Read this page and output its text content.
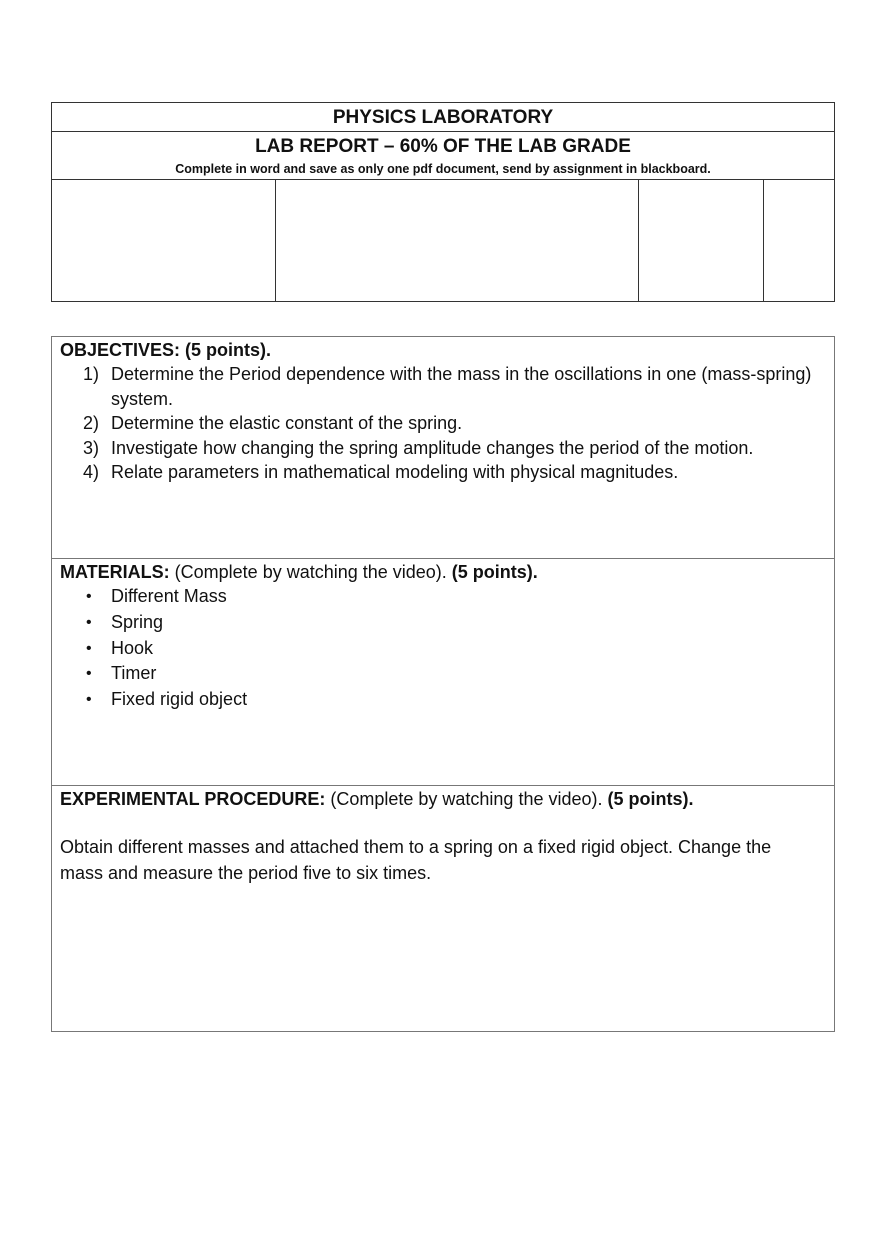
PHYSICS LABORATORY
LAB REPORT – 60% OF THE LAB GRADE
Complete in word and save as only one pdf document, send by assignment in blackboard.
OBJECTIVES: (5 points).
1) Determine the Period dependence with the mass in the oscillations in one (mass-spring) system.
2) Determine the elastic constant of the spring.
3) Investigate how changing the spring amplitude changes the period of the motion.
4) Relate parameters in mathematical modeling with physical magnitudes.
MATERIALS: (Complete by watching the video). (5 points).
• Different Mass
• Spring
• Hook
• Timer
• Fixed rigid object
EXPERIMENTAL PROCEDURE: (Complete by watching the video). (5 points).
Obtain different masses and attached them to a spring on a fixed rigid object. Change the mass and measure the period five to six times.
